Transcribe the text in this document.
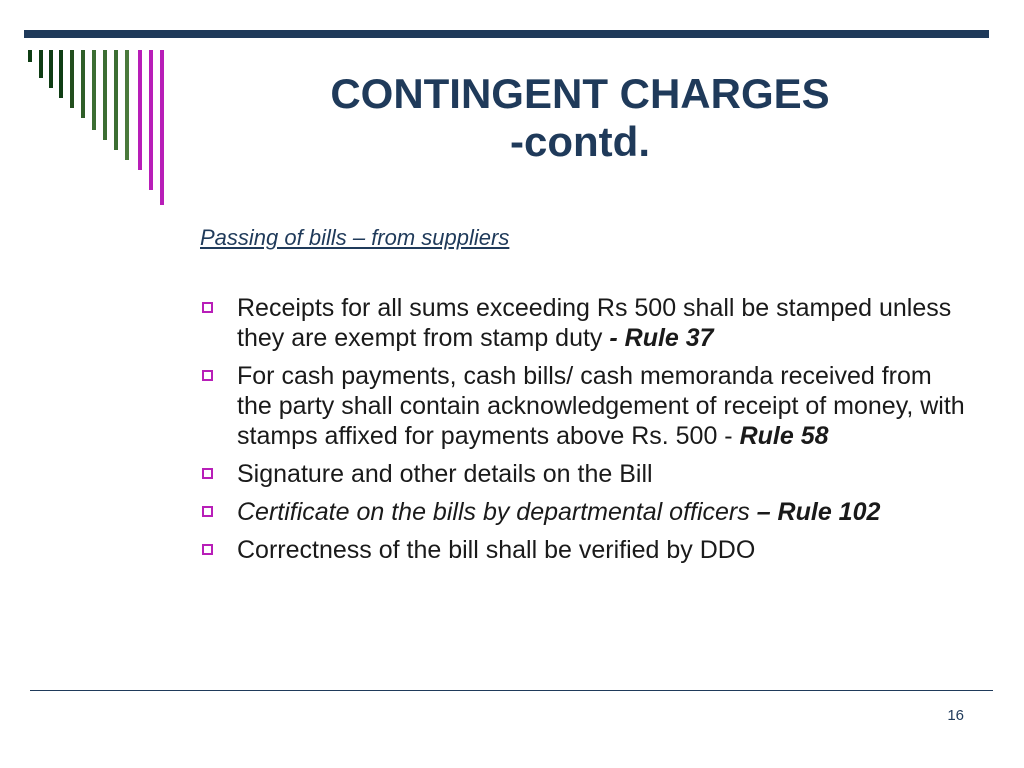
CONTINGENT CHARGES
-contd.
Passing of bills – from suppliers
Receipts for all sums exceeding Rs 500 shall be stamped unless they are exempt from stamp duty - Rule 37
For cash payments, cash bills/ cash memoranda received from the party shall contain acknowledgement of receipt of money, with stamps affixed for payments above Rs. 500 - Rule 58
Signature and other details on the Bill
Certificate on the bills by departmental officers – Rule 102
Correctness of the bill shall be verified by DDO
16
